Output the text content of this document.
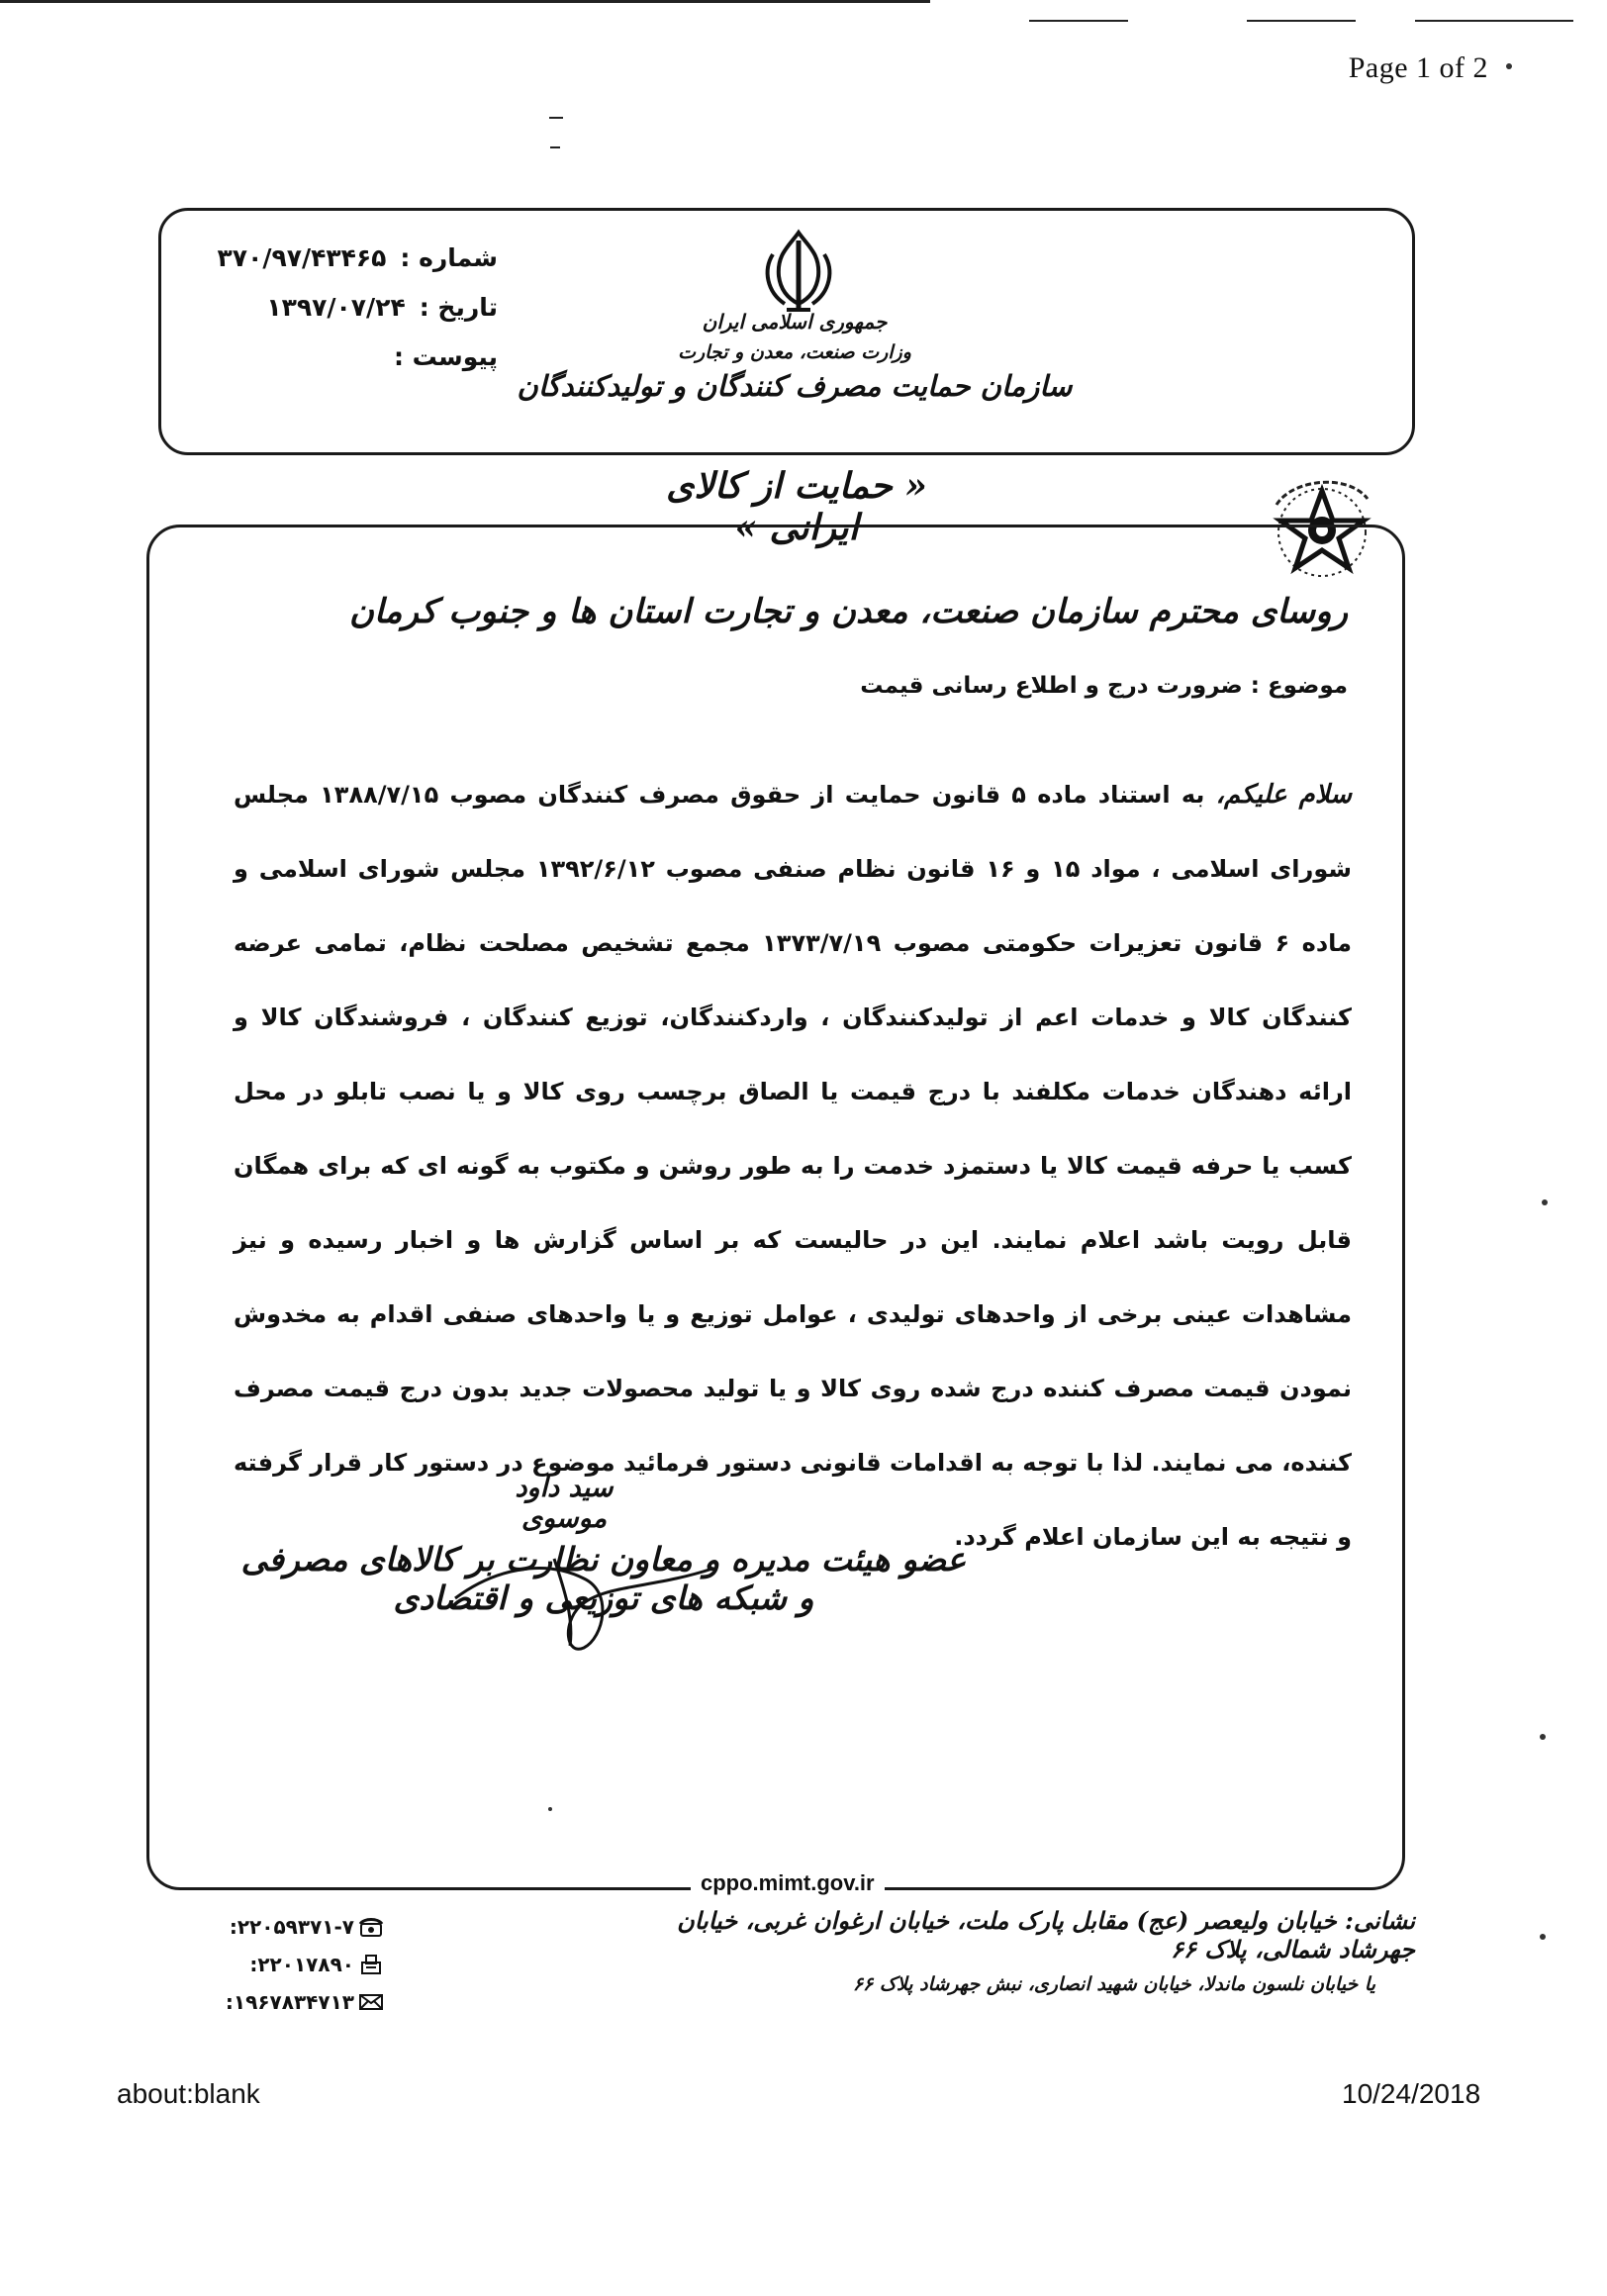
Page 1 of 2
شماره :
۳۷۰/۹۷/۴۳۴۶۵
تاریخ :
۱۳۹۷/۰۷/۲۴
پیوست :
جمهوری اسلامی ایران
وزارت صنعت، معدن و تجارت
سازمان حمایت مصرف کنندگان و تولیدکنندگان
« حمایت از کالای ایرانی »
روسای محترم سازمان صنعت، معدن و تجارت استان ها و جنوب کرمان
موضوع :
ضرورت درج و اطلاع رسانی قیمت
سلام علیکم، به استناد ماده ۵ قانون حمایت از حقوق مصرف کنندگان مصوب ۱۳۸۸/۷/۱۵ مجلس شورای اسلامی ، مواد ۱۵ و ۱۶ قانون نظام صنفی مصوب ۱۳۹۲/۶/۱۲ مجلس شورای اسلامی و ماده ۶ قانون تعزیرات حکومتی مصوب ۱۳۷۳/۷/۱۹ مجمع تشخیص مصلحت نظام، تمامی عرضه کنندگان کالا و خدمات اعم از تولیدکنندگان ، واردکنندگان، توزیع کنندگان ، فروشندگان کالا و ارائه دهندگان خدمات مکلفند با درج قیمت یا الصاق برچسب روی کالا و یا نصب تابلو در محل کسب یا حرفه قیمت کالا یا دستمزد خدمت را به طور روشن و مکتوب به گونه ای که برای همگان قابل رویت باشد اعلام نمایند. این در حالیست که بر اساس گزارش ها و اخبار رسیده و نیز مشاهدات عینی برخی از واحدهای تولیدی ، عوامل توزیع و یا واحدهای صنفی اقدام به مخدوش نمودن قیمت مصرف کننده درج شده روی کالا و یا تولید محصولات جدید بدون درج قیمت مصرف کننده، می نمایند. لذا با توجه به اقدامات قانونی دستور فرمائید موضوع در دستور کار قرار گرفته و نتیجه به این سازمان اعلام گردد.
سید داود موسوی
عضو هیئت مدیره و معاون نظارت بر کالاهای مصرفی و شبکه های توزیعی و اقتصادی
cppo.mimt.gov.ir
۲۲۰۵۹۳۷۱-۷:
۲۲۰۱۷۸۹۰:
۱۹۶۷۸۳۴۷۱۳:
نشانی: خیابان ولیعصر (عج) مقابل پارک ملت، خیابان ارغوان غربی، خیابان جهرشاد شمالی، پلاک ۶۶
یا خیابان نلسون ماندلا، خیابان شهید انصاری، نبش جهرشاد پلاک ۶۶
about:blank	10/24/2018
